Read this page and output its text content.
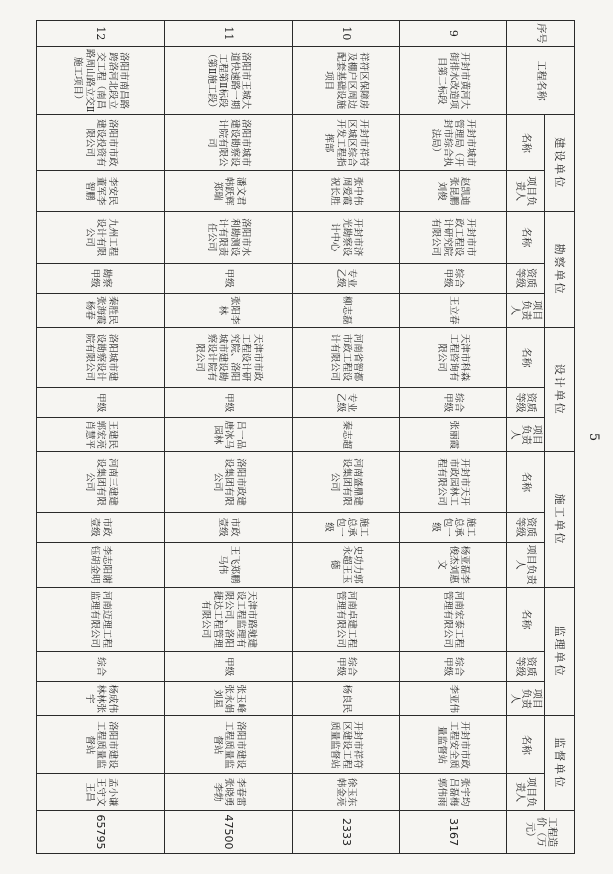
序号	工程名称	建设单位		勘察单位			设计单位			施工单位			监理单位			监督单位		工程造价（万元）
		名称	项目负责人	名称	资质等级	项目负责人	名称	资质等级	项目负责人	名称	资质等级	项目负责人	名称	资质等级	项目负责人	名称	项目负责人	
9	开封市黄河大街排水改造项目第二标段	开封市城市管理局（开封市综合执法局）	赵凯迪张昆鹏刘俊	开封市市政工程设计研究院有限公司	综合甲级	王立春	天津市科森工程咨询有限公司	综合甲级	张丽霞	开封市天开市政园林工程有限公司	施工总承包一级	杨亚磊李俊杰刘惠文	河南宏泰工程管理有限公司	综合甲级	李亚伟	开封市市政工程安全质量监督站	张宇均吕磊梅郭伟雨	3167
10	祥符区保障房及棚户区周边配套基础设施项目	开封市祥符区城区综合开发工程指挥部	张中伟周爱霞祝长胜	开封市济光勘察设计中心	专业乙级	柳志磊	河南省智都市政工程设计有限公司	专业乙级	秦志超	河南盛鼎建设集团有限公司	施工总承包一级	史功力郭永超王玉德	河南卓建工程管理有限公司	综合甲级	杨良民	开封市祥符区建设工程质量监督站	徐玉东韩金亮	2333
11	洛阳市王城大道快速路一期工程第Ⅱ标段（第Ⅱ施工段）	洛阳市城市建设勘察设计院有限公司	潘文君韩跃辉郑瑞	洛阳市水利勘测设计有限责任公司	甲级	张阳李林	天津市市政工程设计研究院、洛阳城市建设勘察设计院有限公司	甲级	吕一品唐冰马园林	洛阳市政建设集团有限公司	市政壹级	王飞郑鹏马伟	天津市路驰建设工程监理有限公司、洛阳捷达工程管理有限公司	甲级	张玉峰张永娟刘星	洛阳市建设工程质量监督站	李春雷张晓勇李勃	47500
12	洛阳市南昌路跨洛河北段立交工程（南昌路周山路立交Ⅱ施工项目）	洛阳市市政建设投资有限公司	李安民董军李智鹏	九州工程设计有限公司	勘察甲级	秦胜民张海霞杨春	洛阳城市建设勘察设计院有限公司	甲级	王建民郭宏亮肖慧平	河南三建建设集团有限公司	市政壹级	李志阳谢钰胡金明	河南迈理工程监理有限公司	综合	杨成伟林林张宇	洛阳市建设工程质量监督站	孟小谦王守文王昌	65795
5
